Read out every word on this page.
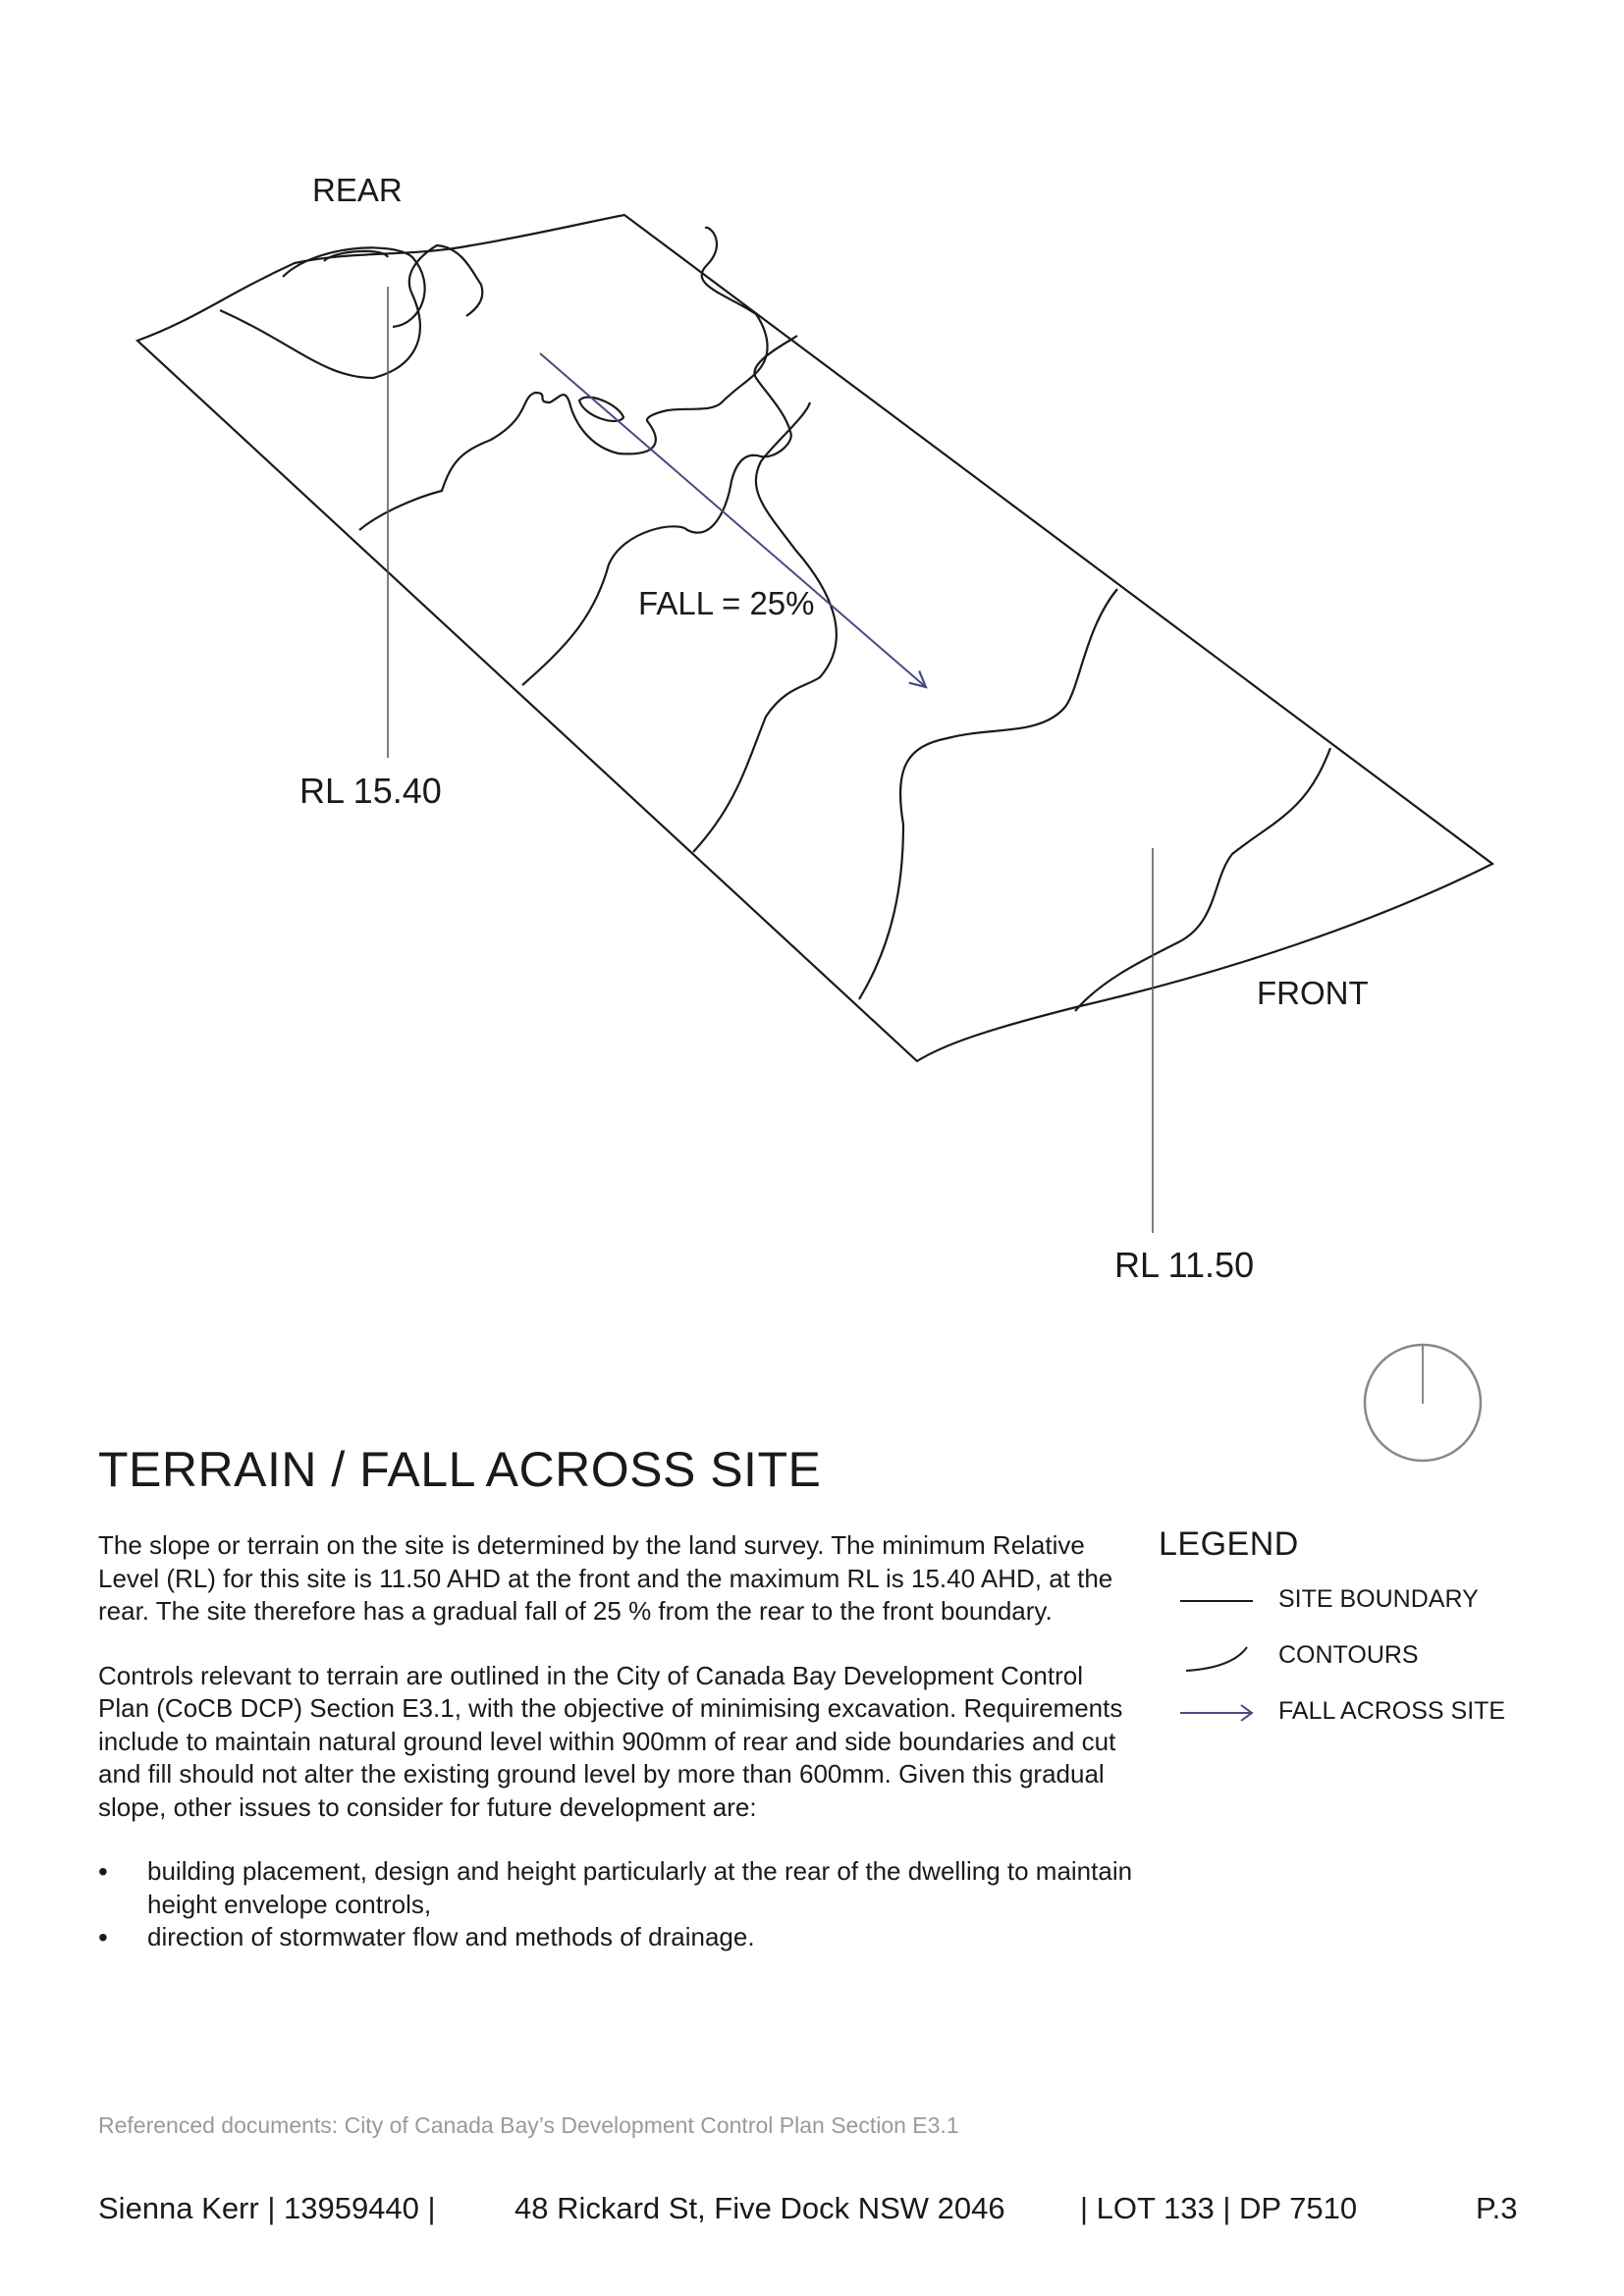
REAR
FRONT
FALL = 25%
RL 15.40
RL 11.50
TERRAIN / FALL ACROSS SITE

The slope or terrain on the site is determined by the land survey. The minimum Relative Level (RL) for this site is 11.50 AHD at the front and the maximum RL is 15.40 AHD, at the rear. The site therefore has a gradual fall of 25 % from the rear to the front boundary.

Controls relevant to terrain are outlined in the City of Canada Bay Development Control Plan (CoCB DCP) Section E3.1, with the objective of minimising excavation. Requirements include to maintain natural ground level within 900mm of rear and side boundaries and cut and fill should not alter the existing ground level by more than 600mm. Given this gradual slope, other issues to consider for future development are:

• building placement, design and height particularly at the rear of the dwelling to maintain height envelope controls,
• direction of stormwater flow and methods of drainage.
LEGEND
SITE BOUNDARY
CONTOURS
FALL ACROSS SITE
Referenced documents: City of Canada Bay’s Development Control Plan Section E3.1
Sienna Kerr | 13959440 |	48 Rickard St, Five Dock NSW 2046 | LOT 133 | DP 7510	P.3
